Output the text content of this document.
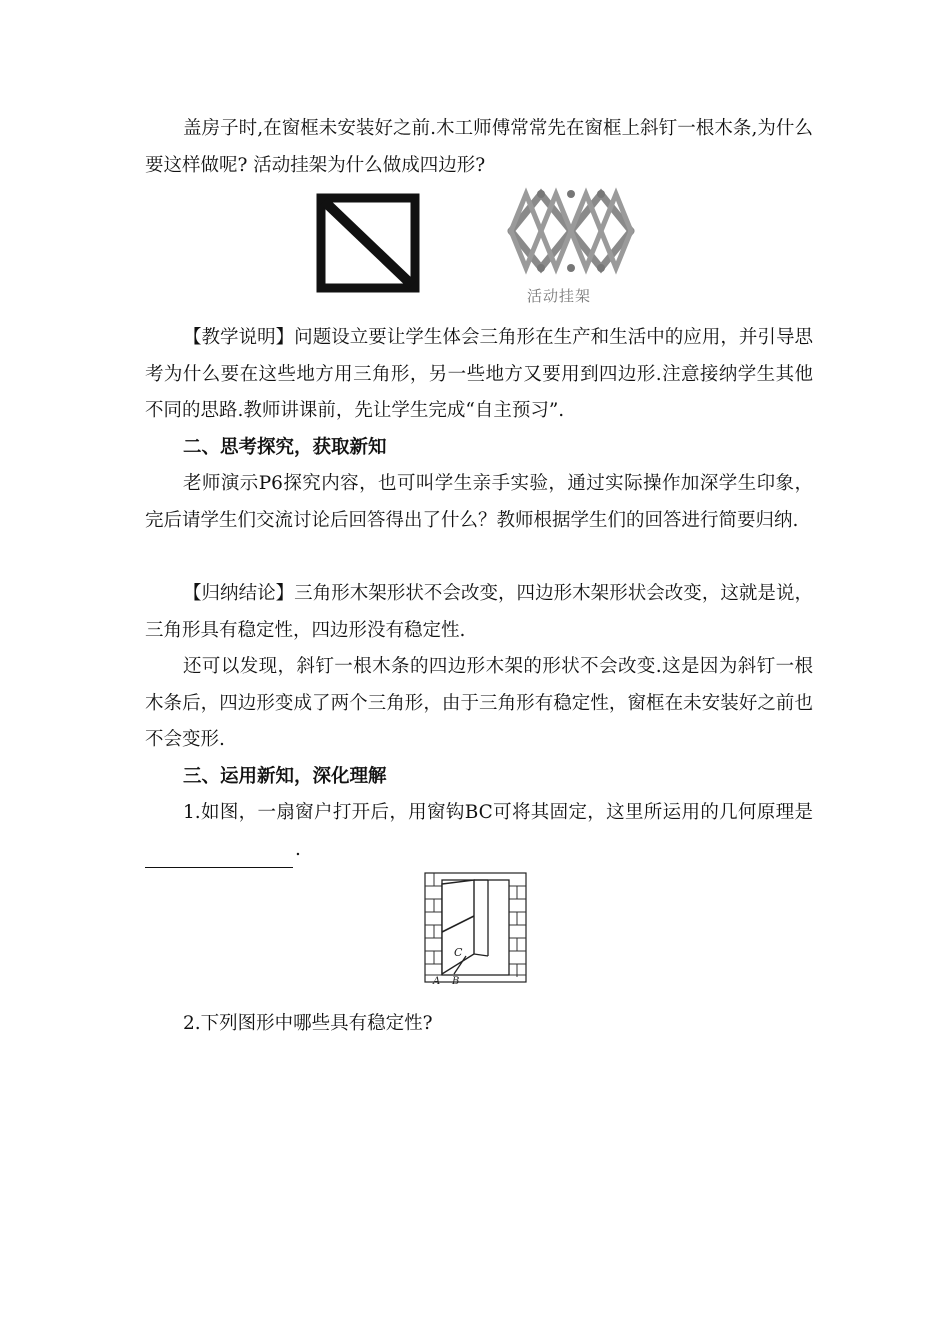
盖房子时,在窗框未安装好之前.木工师傅常常先在窗框上斜钉一根木条,为什么要这样做呢? 活动挂架为什么做成四边形?

活动挂架

【教学说明】问题设立要让学生体会三角形在生产和生活中的应用，并引导思考为什么要在这些地方用三角形，另一些地方又要用到四边形.注意接纳学生其他不同的思路.教师讲课前，先让学生完成“自主预习”.

二、思考探究，获取新知

老师演示P6探究内容，也可叫学生亲手实验，通过实际操作加深学生印象，完后请学生们交流讨论后回答得出了什么？教师根据学生们的回答进行简要归纳.

【归纳结论】三角形木架形状不会改变，四边形木架形状会改变，这就是说，三角形具有稳定性，四边形没有稳定性.

还可以发现，斜钉一根木条的四边形木架的形状不会改变.这是因为斜钉一根木条后，四边形变成了两个三角形，由于三角形有稳定性，窗框在未安装好之前也不会变形.

三、运用新知，深化理解

1.如图，一扇窗户打开后，用窗钩BC可将其固定，这里所运用的几何原理是.

C
A B

2.下列图形中哪些具有稳定性?
